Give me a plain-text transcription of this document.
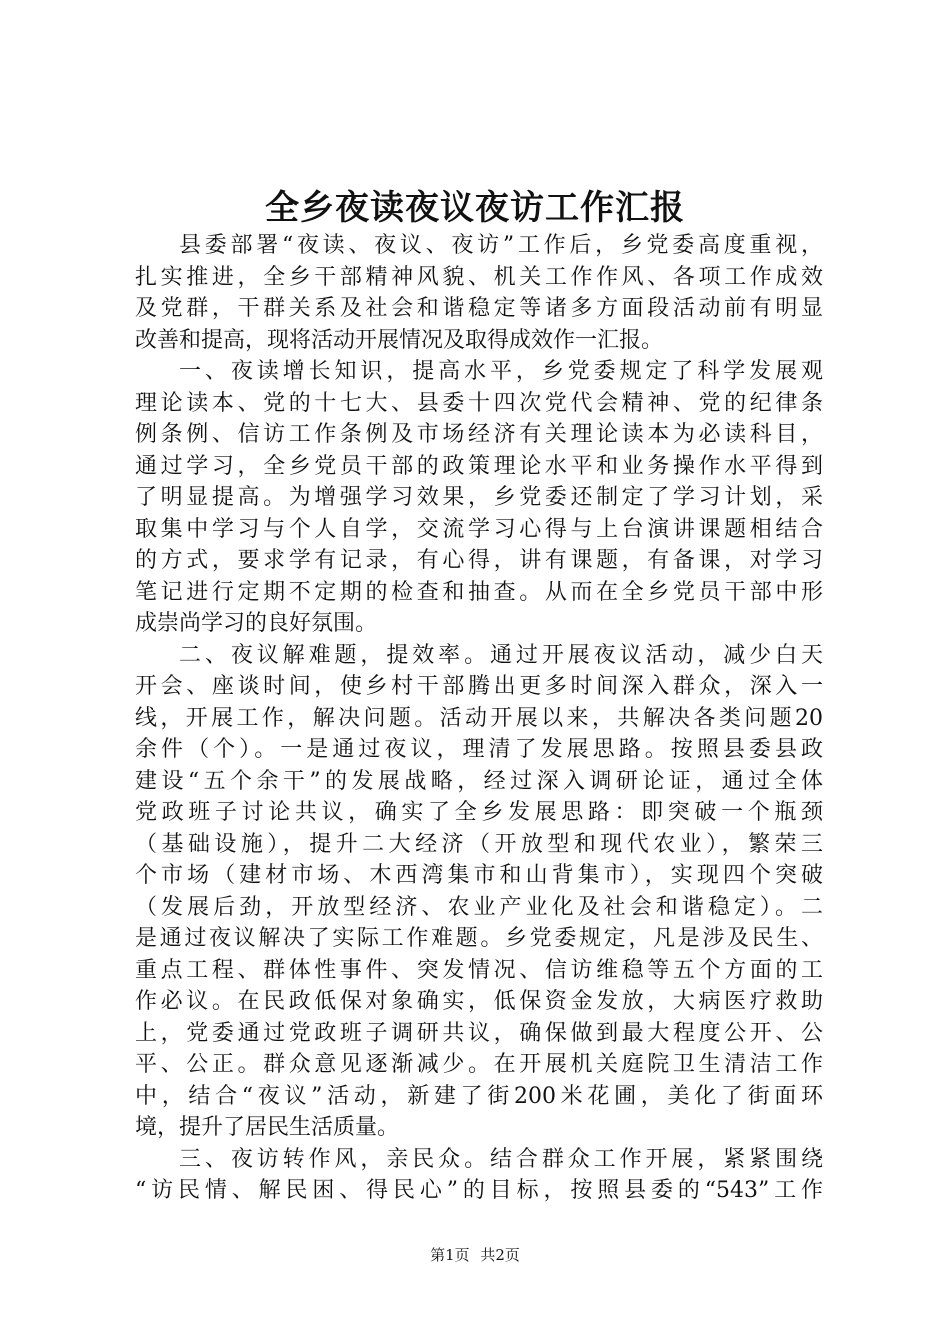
全乡夜读夜议夜访工作汇报
县委部署“夜读、夜议、夜访”工作后，乡党委高度重视，
扎实推进，全乡干部精神风貌、机关工作作风、各项工作成效
及党群，干群关系及社会和谐稳定等诸多方面段活动前有明显
改善和提高，现将活动开展情况及取得成效作一汇报。
一、夜读增长知识，提高水平，乡党委规定了科学发展观
理论读本、党的十七大、县委十四次党代会精神、党的纪律条
例条例、信访工作条例及市场经济有关理论读本为必读科目，
通过学习，全乡党员干部的政策理论水平和业务操作水平得到
了明显提高。为增强学习效果，乡党委还制定了学习计划，采
取集中学习与个人自学，交流学习心得与上台演讲课题相结合
的方式，要求学有记录，有心得，讲有课题，有备课，对学习
笔记进行定期不定期的检查和抽查。从而在全乡党员干部中形
成崇尚学习的良好氛围。
二、夜议解难题，提效率。通过开展夜议活动，减少白天
开会、座谈时间，使乡村干部腾出更多时间深入群众，深入一
线，开展工作，解决问题。活动开展以来，共解决各类问题20
余件（个）。一是通过夜议，理清了发展思路。按照县委县政
建设“五个余干”的发展战略，经过深入调研论证，通过全体
党政班子讨论共议，确实了全乡发展思路：即突破一个瓶颈
（基础设施），提升二大经济（开放型和现代农业），繁荣三
个市场（建材市场、木西湾集市和山背集市），实现四个突破
（发展后劲，开放型经济、农业产业化及社会和谐稳定）。二
是通过夜议解决了实际工作难题。乡党委规定，凡是涉及民生、
重点工程、群体性事件、突发情况、信访维稳等五个方面的工
作必议。在民政低保对象确实，低保资金发放，大病医疗救助
上，党委通过党政班子调研共议，确保做到最大程度公开、公
平、公正。群众意见逐渐减少。在开展机关庭院卫生清洁工作
中，结合“夜议”活动，新建了街200米花圃，美化了街面环
境，提升了居民生活质量。
三、夜访转作风，亲民众。结合群众工作开展，紧紧围绕
“访民情、解民困、得民心”的目标，按照县委的“543”工作
第1页 共2页
